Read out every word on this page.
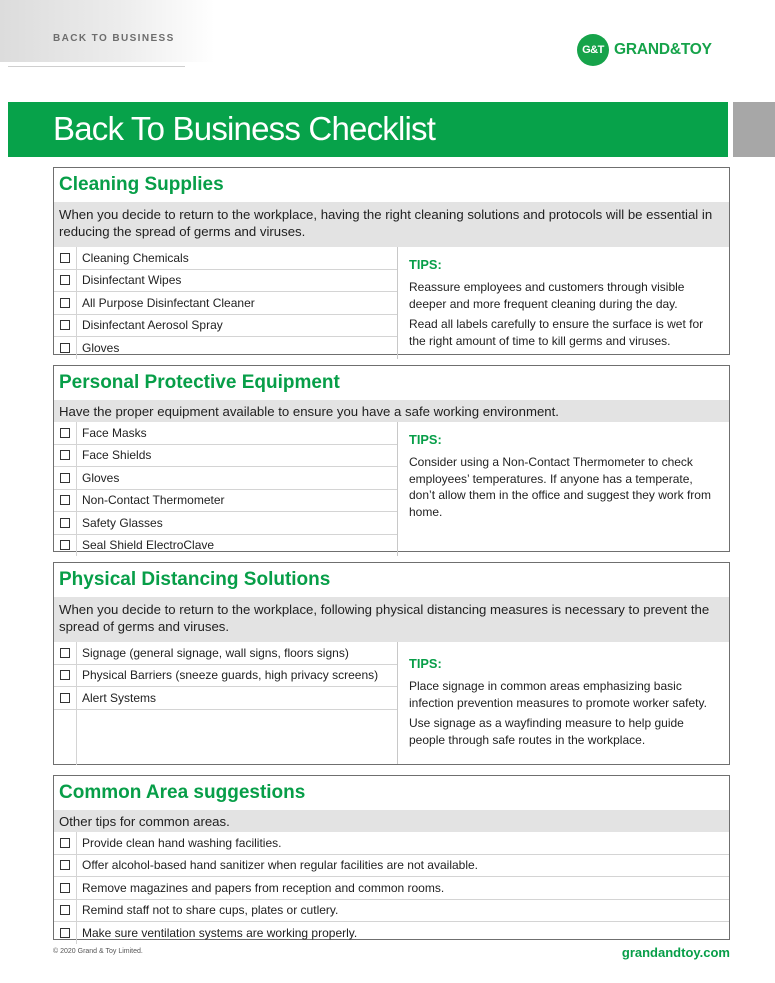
BACK TO BUSINESS
G&T GRAND&TOY
Back To Business Checklist
Cleaning Supplies
When you decide to return to the workplace, having the right cleaning solutions and protocols will be essential in reducing the spread of germs and viruses.
Cleaning Chemicals
Disinfectant Wipes
All Purpose Disinfectant Cleaner
Disinfectant Aerosol Spray
Gloves
TIPS:
Reassure employees and customers through visible deeper and more frequent cleaning during the day.
Read all labels carefully to ensure the surface is wet for the right amount of time to kill germs and viruses.
Personal Protective Equipment
Have the proper equipment available to ensure you have a safe working environment.
Face Masks
Face Shields
Gloves
Non-Contact Thermometer
Safety Glasses
Seal Shield ElectroClave
TIPS:
Consider using a Non-Contact Thermometer to check employees’ temperatures. If anyone has a temperate, don’t allow them in the office and suggest they work from home.
Physical Distancing Solutions
When you decide to return to the workplace, following physical distancing measures is necessary to prevent the spread of germs and viruses.
Signage (general signage, wall signs, floors signs)
Physical Barriers (sneeze guards, high privacy screens)
Alert Systems
TIPS:
Place signage in common areas emphasizing basic infection prevention measures to promote worker safety.
Use signage as a wayfinding measure to help guide people through safe routes in the workplace.
Common Area suggestions
Other tips for common areas.
Provide clean hand washing facilities.
Offer alcohol-based hand sanitizer when regular facilities are not available.
Remove magazines and papers from reception and common rooms.
Remind staff not to share cups, plates or cutlery.
Make sure ventilation systems are working properly.
© 2020 Grand & Toy Limited.	grandandtoy.com
